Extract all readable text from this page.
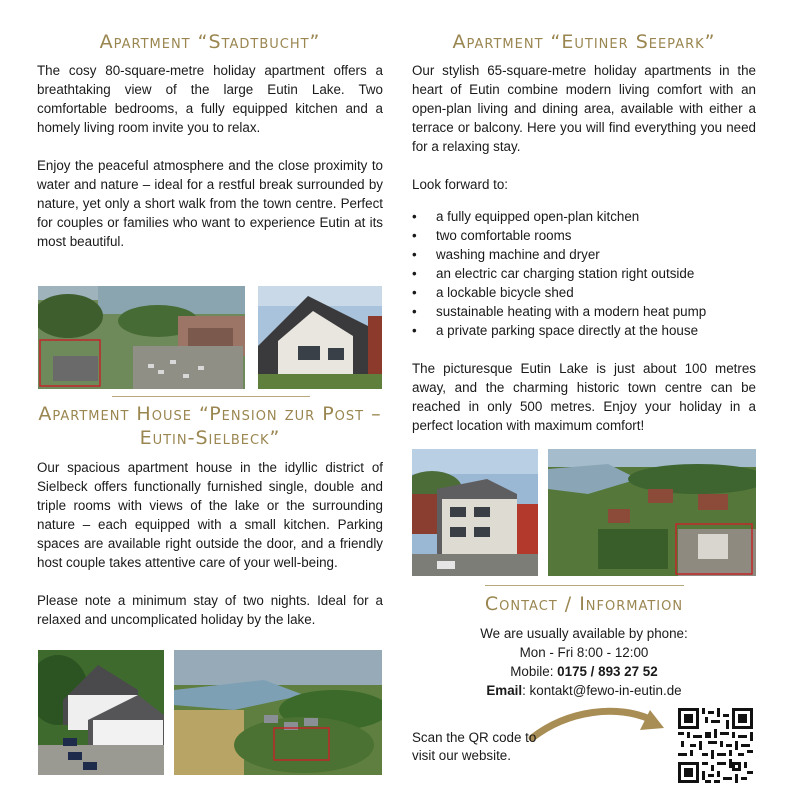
Apartment “Stadtbucht”

The cosy 80-square-metre holiday apartment offers a breathtaking view of the large Eutin Lake. Two comfortable bedrooms, a fully equipped kitchen and a homely living room invite you to relax.

Enjoy the peaceful atmosphere and the close proximity to water and nature – ideal for a restful break surrounded by nature, yet only a short walk from the town centre. Perfect for couples or families who want to experience Eutin at its most beautiful.

Apartment House “Pension zur Post – Eutin-Sielbeck”

Our spacious apartment house in the idyllic district of Sielbeck offers functionally furnished single, double and triple rooms with views of the lake or the surrounding nature – each equipped with a small kitchen. Parking spaces are available right outside the door, and a friendly host couple takes attentive care of your well-being.

Please note a minimum stay of two nights. Ideal for a relaxed and uncomplicated holiday by the lake.

Apartment “Eutiner Seepark”

Our stylish 65-square-metre holiday apartments in the heart of Eutin combine modern living comfort with an open-plan living and dining area, available with either a terrace or balcony. Here you will find everything you need for a relaxing stay.

Look forward to:

• a fully equipped open-plan kitchen
• two comfortable rooms
• washing machine and dryer
• an electric car charging station right outside
• a lockable bicycle shed
• sustainable heating with a modern heat pump
• a private parking space directly at the house

The picturesque Eutin Lake is just about 100 metres away, and the charming historic town centre can be reached in only 500 metres. Enjoy your holiday in a perfect location with maximum comfort!

Contact / Information
We are usually available by phone:
Mon - Fri 8:00 - 12:00
Mobile: 0175 / 893 27 52
Email: kontakt@fewo-in-eutin.de
Scan the QR code to visit our website.
